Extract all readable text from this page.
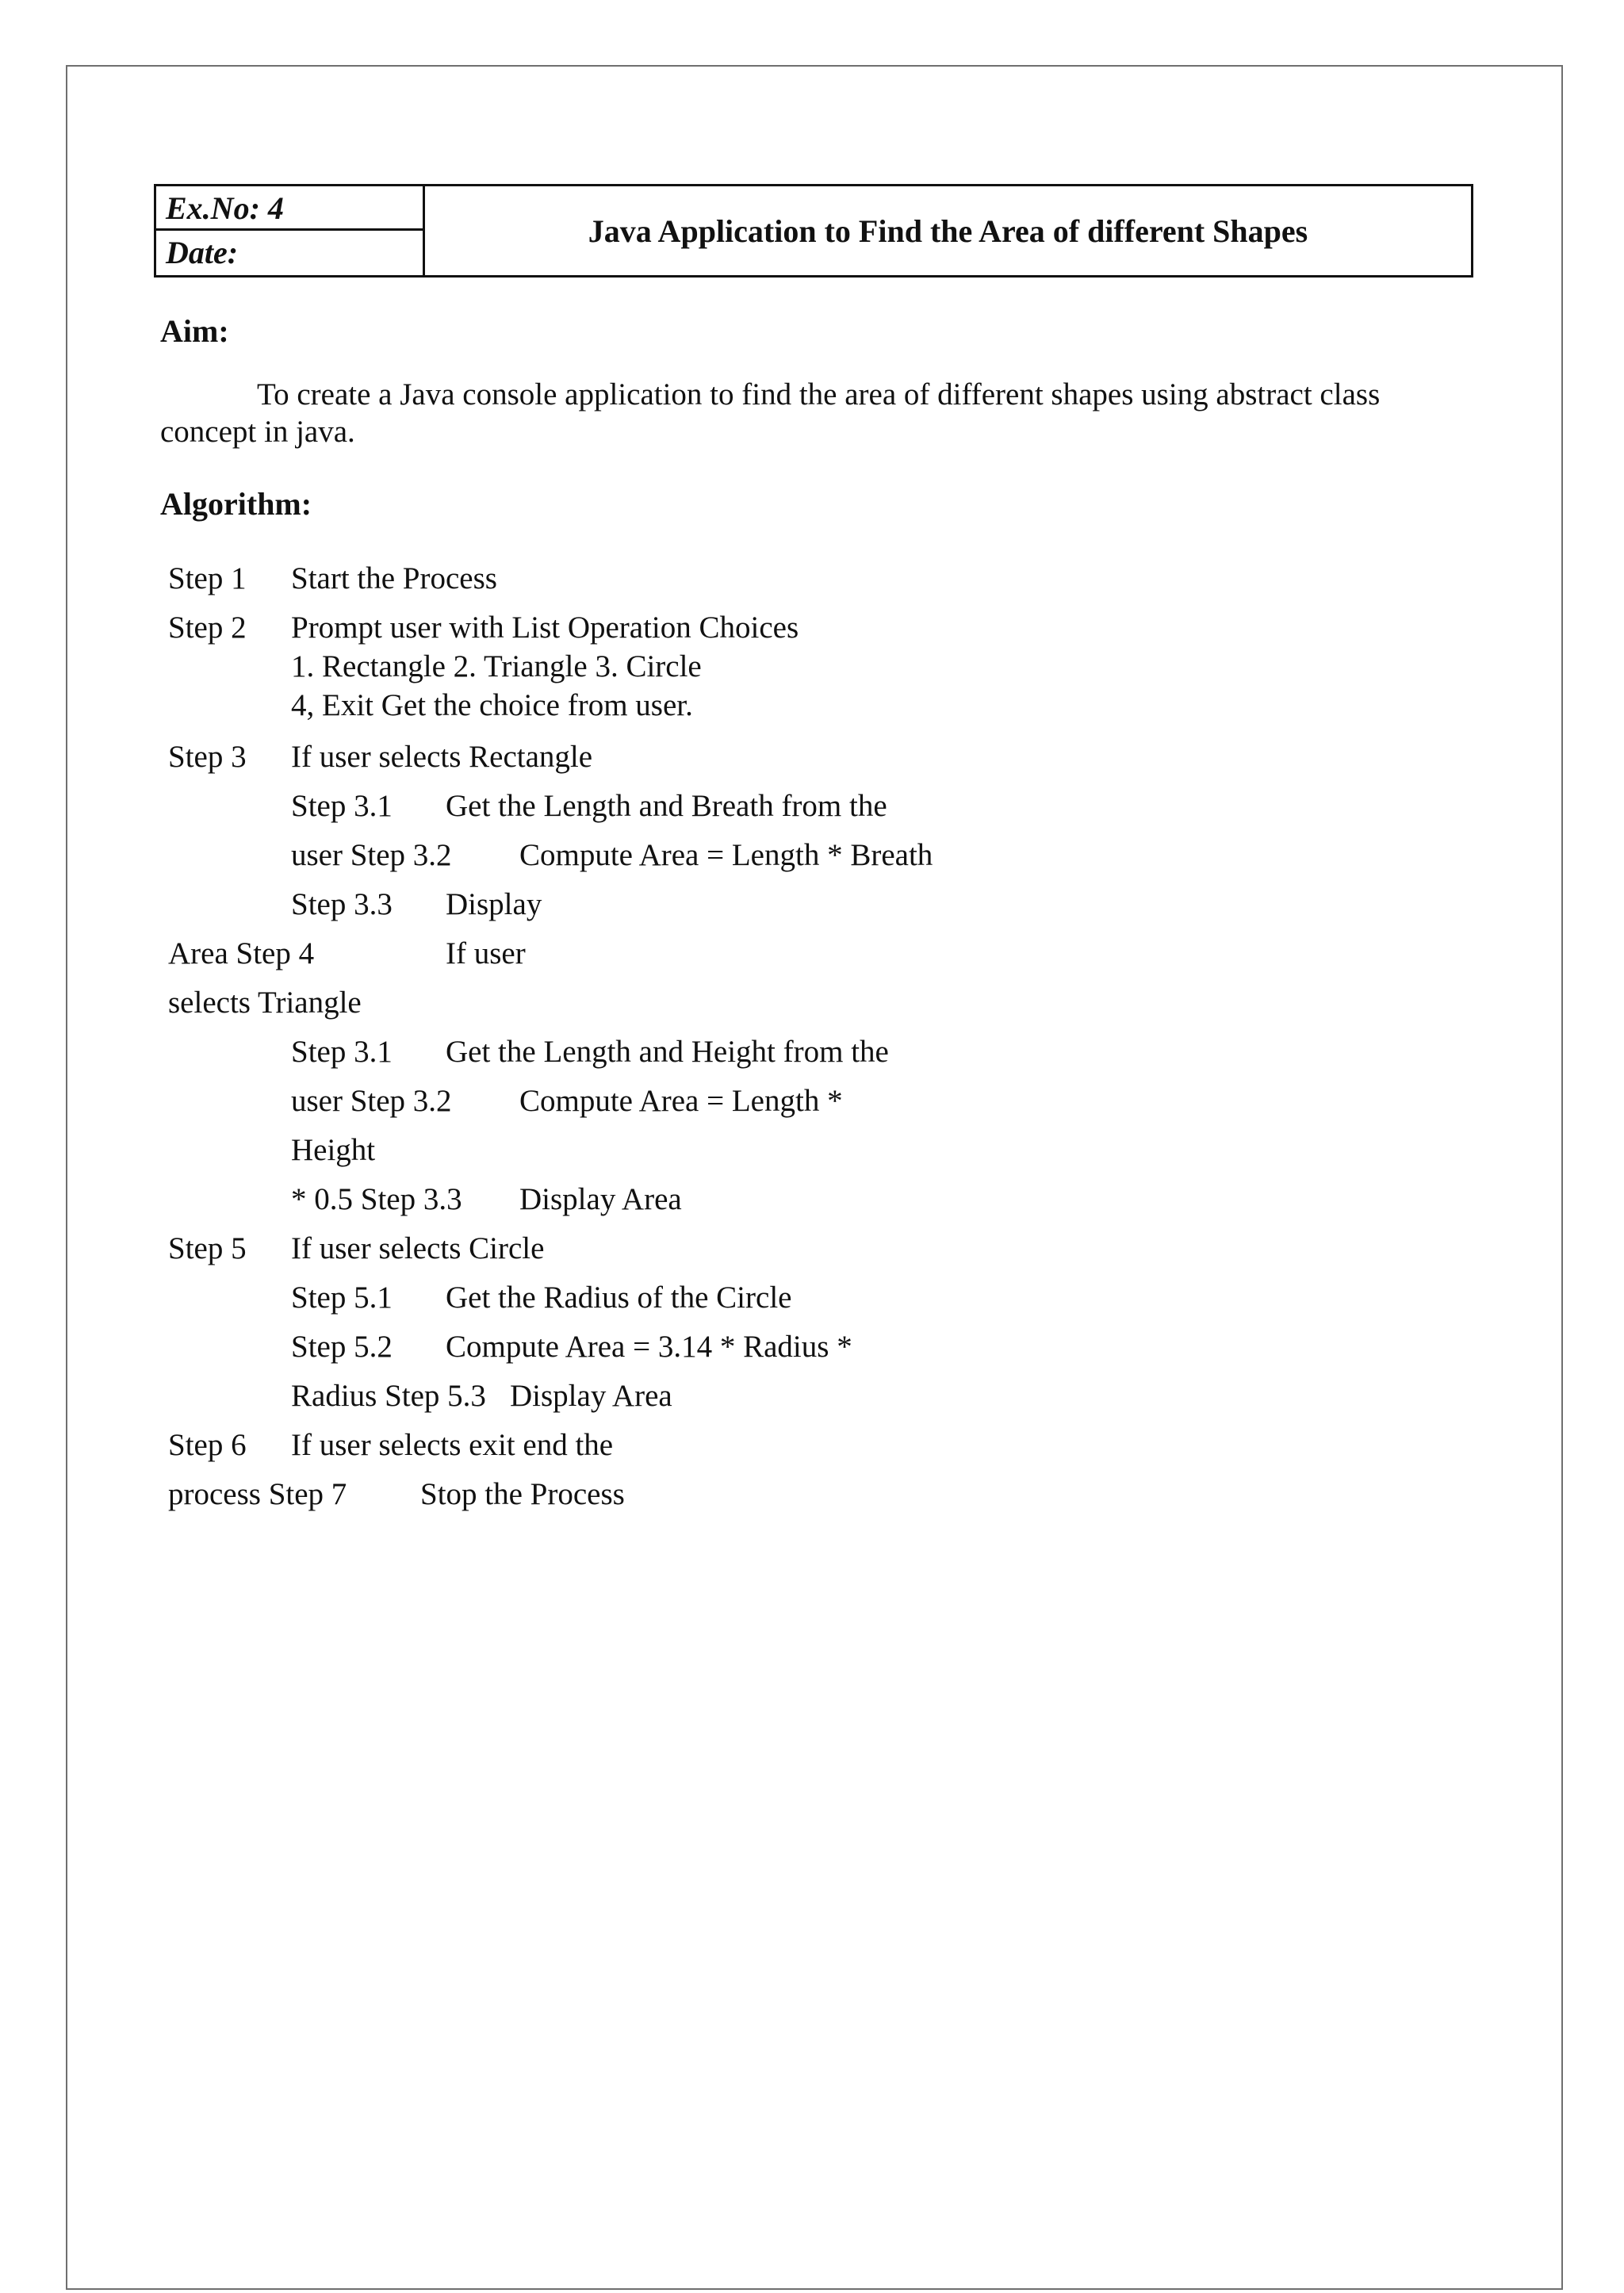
Ex.No: 4
Date:
Java Application to Find the Area of different Shapes
Aim:
To create a Java console application to find the area of different shapes using abstract class concept in java.
Algorithm:
Step 1 Start the Process
Step 2 Prompt user with List Operation Choices
1. Rectangle 2. Triangle 3. Circle
4, Exit Get the choice from user.
Step 3 If user selects Rectangle
Step 3.1 Get the Length and Breath from the
user Step 3.2 Compute Area = Length * Breath
Step 3.3 Display
Area Step 4	If user
selects Triangle
Step 3.1 Get the Length and Height from the
user Step 3.2 Compute Area = Length *
Height
* 0.5 Step 3.3 Display Area
Step 5 If user selects Circle
Step 5.1 Get the Radius of the Circle
Step 5.2 Compute Area = 3.14 * Radius *
Radius Step 5.3 Display Area
Step 6 If user selects exit end the
process Step 7 Stop the Process
